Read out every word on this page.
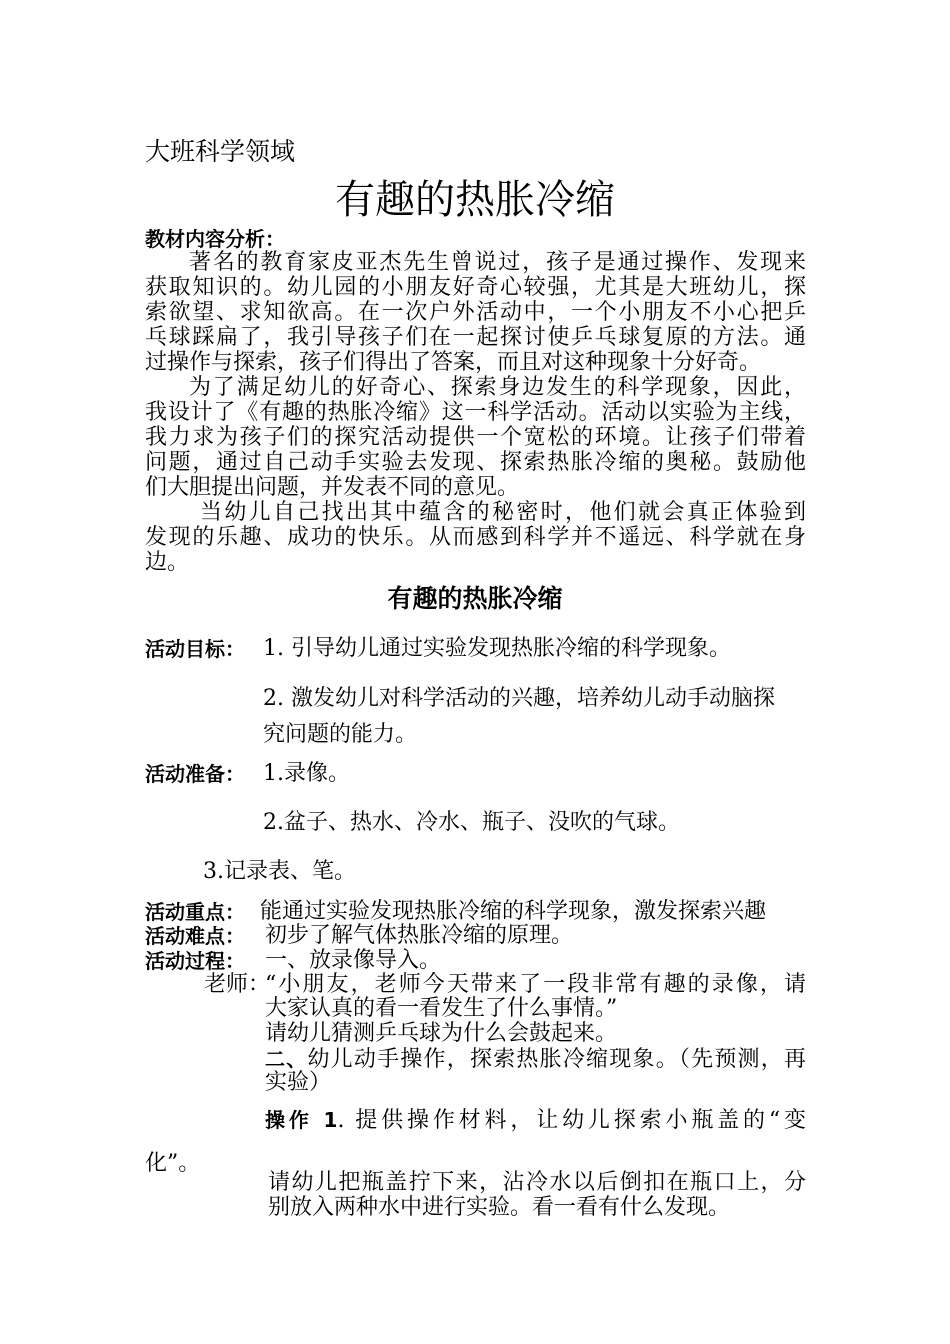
大班科学领域
有趣的热胀冷缩
教材内容分析：
著名的教育家皮亚杰先生曾说过，孩子是通过操作、发现来
获取知识的。幼儿园的小朋友好奇心较强，尤其是大班幼儿，探
索欲望、求知欲高。在一次户外活动中，一个小朋友不小心把乒
乓球踩扁了，我引导孩子们在一起探讨使乒乓球复原的方法。通
过操作与探索，孩子们得出了答案，而且对这种现象十分好奇。
为了满足幼儿的好奇心、探索身边发生的科学现象，因此，
我设计了《有趣的热胀冷缩》这一科学活动。活动以实验为主线，
我力求为孩子们的探究活动提供一个宽松的环境。让孩子们带着
问题，通过自己动手实验去发现、探索热胀冷缩的奥秘。鼓励他
们大胆提出问题，并发表不同的意见。
当幼儿自己找出其中蕴含的秘密时，他们就会真正体验到
发现的乐趣、成功的快乐。从而感到科学并不遥远、科学就在身
边。
有趣的热胀冷缩
活动目标： 1. 引导幼儿通过实验发现热胀冷缩的科学现象。
2. 激发幼儿对科学活动的兴趣，培养幼儿动手动脑探
究问题的能力。
活动准备： 1.录像。
2.盆子、热水、冷水、瓶子、没吹的气球。
3.记录表、笔。
活动重点： 能通过实验发现热胀冷缩的科学现象，激发探索兴趣
活动难点： 初步了解气体热胀冷缩的原理。
活动过程： 一、放录像导入。
老师：
“小朋友，老师今天带来了一段非常有趣的录像，请
大家认真的看一看发生了什么事情。”
请幼儿猜测乒乓球为什么会鼓起来。
二、幼儿动手操作，探索热胀冷缩现象。（先预测，再
实验）
操作 1. 提供操作材料，让幼儿探索小瓶盖的“变
化”。
请幼儿把瓶盖拧下来，沾冷水以后倒扣在瓶口上，分
别放入两种水中进行实验。看一看有什么发现。
